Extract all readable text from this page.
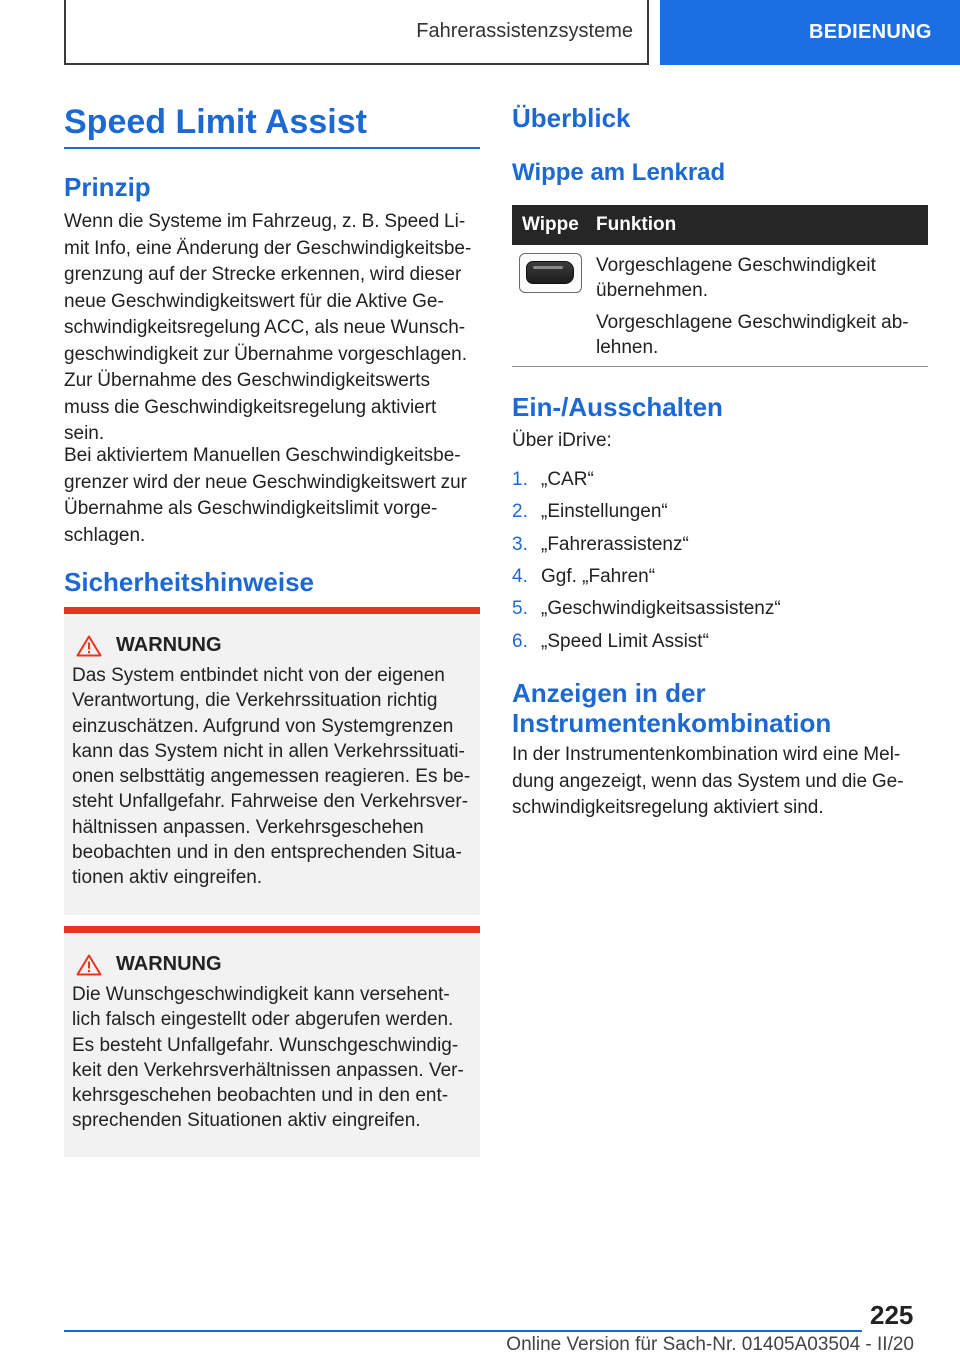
Fahrerassistenzsysteme	BEDIENUNG
Speed Limit Assist
Prinzip
Wenn die Systeme im Fahrzeug, z. B. Speed Li-
mit Info, eine Änderung der Geschwindigkeitsbe-
grenzung auf der Strecke erkennen, wird dieser
neue Geschwindigkeitswert für die Aktive Ge-
schwindigkeitsregelung ACC, als neue Wunsch-
geschwindigkeit zur Übernahme vorgeschlagen.
Zur Übernahme des Geschwindigkeitswerts
muss die Geschwindigkeitsregelung aktiviert
sein.
Bei aktiviertem Manuellen Geschwindigkeitsbe-
grenzer wird der neue Geschwindigkeitswert zur
Übernahme als Geschwindigkeitslimit vorge-
schlagen.
Sicherheitshinweise
WARNUNG
Das System entbindet nicht von der eigenen
Verantwortung, die Verkehrssituation richtig
einzuschätzen. Aufgrund von Systemgrenzen
kann das System nicht in allen Verkehrssituati-
onen selbsttätig angemessen reagieren. Es be-
steht Unfallgefahr. Fahrweise den Verkehrsver-
hältnissen anpassen. Verkehrsgeschehen
beobachten und in den entsprechenden Situa-
tionen aktiv eingreifen.
WARNUNG
Die Wunschgeschwindigkeit kann versehent-
lich falsch eingestellt oder abgerufen werden.
Es besteht Unfallgefahr. Wunschgeschwindig-
keit den Verkehrsverhältnissen anpassen. Ver-
kehrsgeschehen beobachten und in den ent-
sprechenden Situationen aktiv eingreifen.
Überblick
Wippe am Lenkrad
Wippe Funktion
Vorgeschlagene Geschwindigkeit
übernehmen.
Vorgeschlagene Geschwindigkeit ab-
lehnen.
Ein-/Ausschalten
Über iDrive:
1. „CAR“
2. „Einstellungen“
3. „Fahrerassistenz“
4. Ggf. „Fahren“
5. „Geschwindigkeitsassistenz“
6. „Speed Limit Assist“
Anzeigen in der
Instrumentenkombination
In der Instrumentenkombination wird eine Mel-
dung angezeigt, wenn das System und die Ge-
schwindigkeitsregelung aktiviert sind.
225
Online Version für Sach-Nr. 01405A03504 - II/20
